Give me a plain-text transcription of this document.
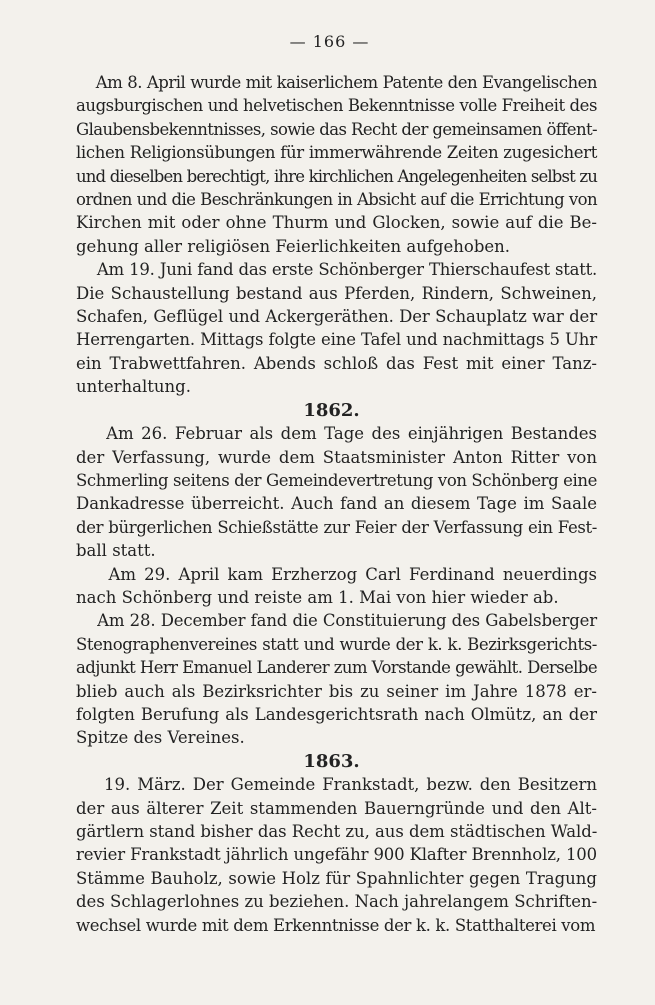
— 166 —
Am 8. April wurde mit kaiserlichem Patente den Evangelischen
augsburgischen und helvetischen Bekenntnisse volle Freiheit des
Glaubensbekenntnisses, sowie das Recht der gemeinsamen öffent-
lichen Religionsübungen für immerwährende Zeiten zugesichert
und dieselben berechtigt, ihre kirchlichen Angelegenheiten selbst zu
ordnen und die Beschränkungen in Absicht auf die Errichtung von
Kirchen mit oder ohne Thurm und Glocken, sowie auf die Be-
gehung aller religiösen Feierlichkeiten aufgehoben.
Am 19. Juni fand das erste Schönberger Thierschaufest statt.
Die Schaustellung bestand aus Pferden, Rindern, Schweinen,
Schafen, Geflügel und Ackergeräthen. Der Schauplatz war der
Herrengarten. Mittags folgte eine Tafel und nachmittags 5 Uhr
ein Trabwettfahren. Abends schloß das Fest mit einer Tanz-
unterhaltung.
1862.
Am 26. Februar als dem Tage des einjährigen Bestandes
der Verfassung, wurde dem Staatsminister Anton Ritter von
Schmerling seitens der Gemeindevertretung von Schönberg eine
Dankadresse überreicht. Auch fand an diesem Tage im Saale
der bürgerlichen Schießstätte zur Feier der Verfassung ein Fest-
ball statt.
Am 29. April kam Erzherzog Carl Ferdinand neuerdings
nach Schönberg und reiste am 1. Mai von hier wieder ab.
Am 28. December fand die Constituierung des Gabelsberger
Stenographenvereines statt und wurde der k. k. Bezirksgerichts-
adjunkt Herr Emanuel Landerer zum Vorstande gewählt. Derselbe
blieb auch als Bezirksrichter bis zu seiner im Jahre 1878 er-
folgten Berufung als Landesgerichtsrath nach Olmütz, an der
Spitze des Vereines.
1863.
19. März. Der Gemeinde Frankstadt, bezw. den Besitzern
der aus älterer Zeit stammenden Bauerngründe und den Alt-
gärtlern stand bisher das Recht zu, aus dem städtischen Wald-
revier Frankstadt jährlich ungefähr 900 Klafter Brennholz, 100
Stämme Bauholz, sowie Holz für Spahnlichter gegen Tragung
des Schlagerlohnes zu beziehen. Nach jahrelangem Schriften-
wechsel wurde mit dem Erkenntnisse der k. k. Statthalterei vom
